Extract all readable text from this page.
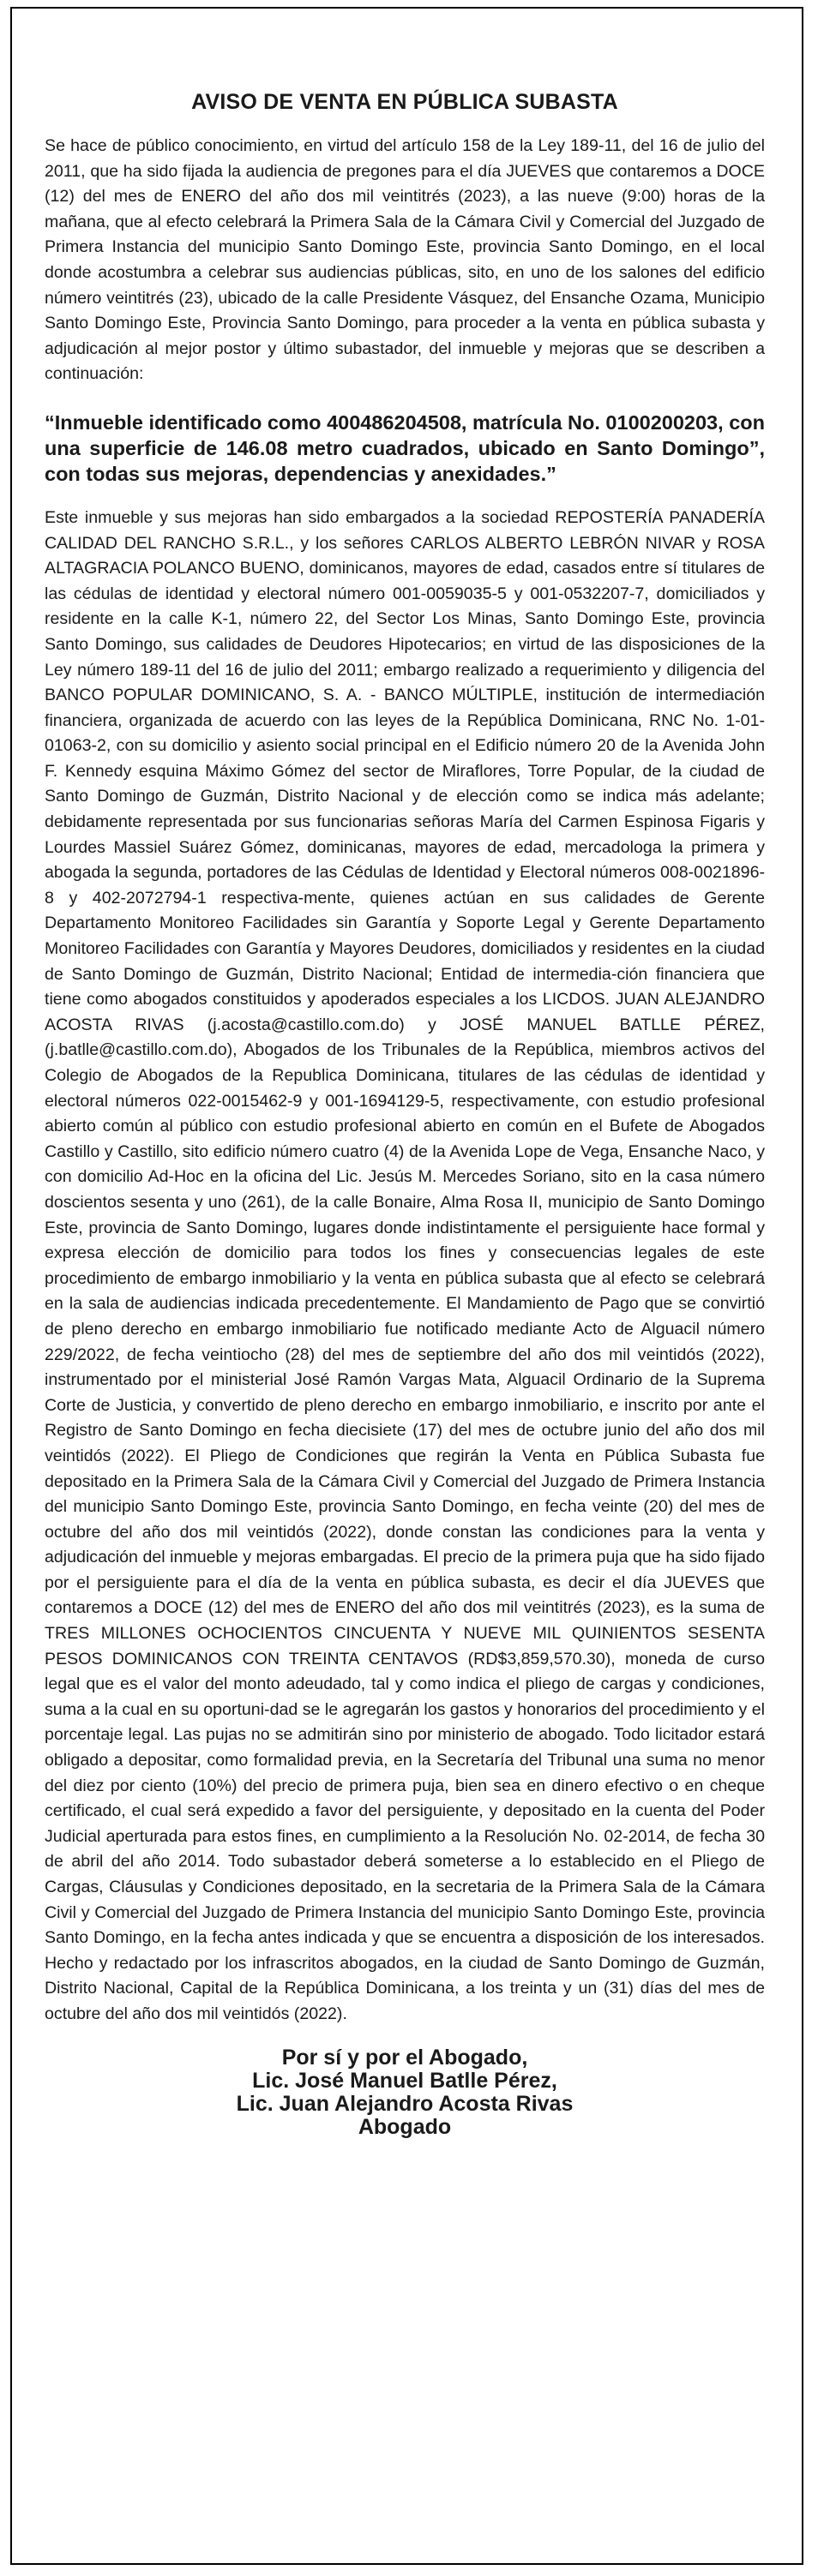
AVISO DE VENTA EN PÚBLICA SUBASTA

Se hace de público conocimiento, en virtud del artículo 158 de la Ley 189-11, del 16 de julio del 2011, que ha sido fijada la audiencia de pregones para el día JUEVES que contaremos a DOCE (12) del mes de ENERO del año dos mil veintitrés (2023), a las nueve (9:00) horas de la mañana, que al efecto celebrará la Primera Sala de la Cámara Civil y Comercial del Juzgado de Primera Instancia del municipio Santo Domingo Este, provincia Santo Domingo, en el local donde acostumbra a celebrar sus audiencias públicas, sito, en uno de los salones del edificio número veintitrés (23), ubicado de la calle Presidente Vásquez, del Ensanche Ozama, Municipio Santo Domingo Este, Provincia Santo Domingo, para proceder a la venta en pública subasta y adjudicación al mejor postor y último subastador, del inmueble y mejoras que se describen a continuación:

“Inmueble identificado como 400486204508, matrícula No. 0100200203, con una superficie de 146.08 metro cuadrados, ubicado en Santo Domingo”, con todas sus mejoras, dependencias y anexidades.”

Este inmueble y sus mejoras han sido embargados a la sociedad REPOSTERÍA PANADERÍA CALIDAD DEL RANCHO S.R.L., y los señores CARLOS ALBERTO LEBRÓN NIVAR y ROSA ALTAGRACIA POLANCO BUENO, dominicanos, mayores de edad, casados entre sí titulares de las cédulas de identidad y electoral número 001-0059035-5 y 001-0532207-7, domiciliados y residente en la calle K-1, número 22, del Sector Los Minas, Santo Domingo Este, provincia Santo Domingo, sus calidades de Deudores Hipotecarios; en virtud de las disposiciones de la Ley número 189-11 del 16 de julio del 2011; embargo realizado a requerimiento y diligencia del BANCO POPULAR DOMINICANO, S. A. - BANCO MÚLTIPLE, institución de intermediación financiera, organizada de acuerdo con las leyes de la República Dominicana, RNC No. 1-01-01063-2, con su domicilio y asiento social principal en el Edificio número 20 de la Avenida John F. Kennedy esquina Máximo Gómez del sector de Miraflores, Torre Popular, de la ciudad de Santo Domingo de Guzmán, Distrito Nacional y de elección como se indica más adelante; debidamente representada por sus funcionarias señoras María del Carmen Espinosa Figaris y Lourdes Massiel Suárez Gómez, dominicanas, mayores de edad, mercadologa la primera y abogada la segunda, portadores de las Cédulas de Identidad y Electoral números 008-0021896-8 y 402-2072794-1 respectiva-mente, quienes actúan en sus calidades de Gerente Departamento Monitoreo Facilidades sin Garantía y Soporte Legal y Gerente Departamento Monitoreo Facilidades con Garantía y Mayores Deudores, domiciliados y residentes en la ciudad de Santo Domingo de Guzmán, Distrito Nacional; Entidad de intermedia-ción financiera que tiene como abogados constituidos y apoderados especiales a los LICDOS. JUAN ALEJANDRO ACOSTA RIVAS (j.acosta@castillo.com.do) y JOSÉ MANUEL BATLLE PÉREZ, (j.batlle@castillo.com.do), Abogados de los Tribunales de la República, miembros activos del Colegio de Abogados de la Republica Dominicana, titulares de las cédulas de identidad y electoral números 022-0015462-9 y 001-1694129-5, respectivamente, con estudio profesional abierto común al público con estudio profesional abierto en común en el Bufete de Abogados Castillo y Castillo, sito edificio número cuatro (4) de la Avenida Lope de Vega, Ensanche Naco, y con domicilio Ad-Hoc en la oficina del Lic. Jesús M. Mercedes Soriano, sito en la casa número doscientos sesenta y uno (261), de la calle Bonaire, Alma Rosa II, municipio de Santo Domingo Este, provincia de Santo Domingo, lugares donde indistintamente el persiguiente hace formal y expresa elección de domicilio para todos los fines y consecuencias legales de este procedimiento de embargo inmobiliario y la venta en pública subasta que al efecto se celebrará en la sala de audiencias indicada precedentemente. El Mandamiento de Pago que se convirtió de pleno derecho en embargo inmobiliario fue notificado mediante Acto de Alguacil número 229/2022, de fecha veintiocho (28) del mes de septiembre del año dos mil veintidós (2022), instrumentado por el ministerial José Ramón Vargas Mata, Alguacil Ordinario de la Suprema Corte de Justicia, y convertido de pleno derecho en embargo inmobiliario, e inscrito por ante el Registro de Santo Domingo en fecha diecisiete (17) del mes de octubre junio del año dos mil veintidós (2022). El Pliego de Condiciones que regirán la Venta en Pública Subasta fue depositado en la Primera Sala de la Cámara Civil y Comercial del Juzgado de Primera Instancia del municipio Santo Domingo Este, provincia Santo Domingo, en fecha veinte (20) del mes de octubre del año dos mil veintidós (2022), donde constan las condiciones para la venta y adjudicación del inmueble y mejoras embargadas. El precio de la primera puja que ha sido fijado por el persiguiente para el día de la venta en pública subasta, es decir el día JUEVES que contaremos a DOCE (12) del mes de ENERO del año dos mil veintitrés (2023), es la suma de TRES MILLONES OCHOCIENTOS CINCUENTA Y NUEVE MIL QUINIENTOS SESENTA PESOS DOMINICANOS CON TREINTA CENTAVOS (RD$3,859,570.30), moneda de curso legal que es el valor del monto adeudado, tal y como indica el pliego de cargas y condiciones, suma a la cual en su oportuni-dad se le agregarán los gastos y honorarios del procedimiento y el porcentaje legal. Las pujas no se admitirán sino por ministerio de abogado. Todo licitador estará obligado a depositar, como formalidad previa, en la Secretaría del Tribunal una suma no menor del diez por ciento (10%) del precio de primera puja, bien sea en dinero efectivo o en cheque certificado, el cual será expedido a favor del persiguiente, y depositado en la cuenta del Poder Judicial aperturada para estos fines, en cumplimiento a la Resolución No. 02-2014, de fecha 30 de abril del año 2014. Todo subastador deberá someterse a lo establecido en el Pliego de Cargas, Cláusulas y Condiciones depositado, en la secretaria de la Primera Sala de la Cámara Civil y Comercial del Juzgado de Primera Instancia del municipio Santo Domingo Este, provincia Santo Domingo, en la fecha antes indicada y que se encuentra a disposición de los interesados. Hecho y redactado por los infrascritos abogados, en la ciudad de Santo Domingo de Guzmán, Distrito Nacional, Capital de la República Dominicana, a los treinta y un (31) días del mes de octubre del año dos mil veintidós (2022).

Por sí y por el Abogado,
Lic. José Manuel Batlle Pérez,
Lic. Juan Alejandro Acosta Rivas
Abogado
